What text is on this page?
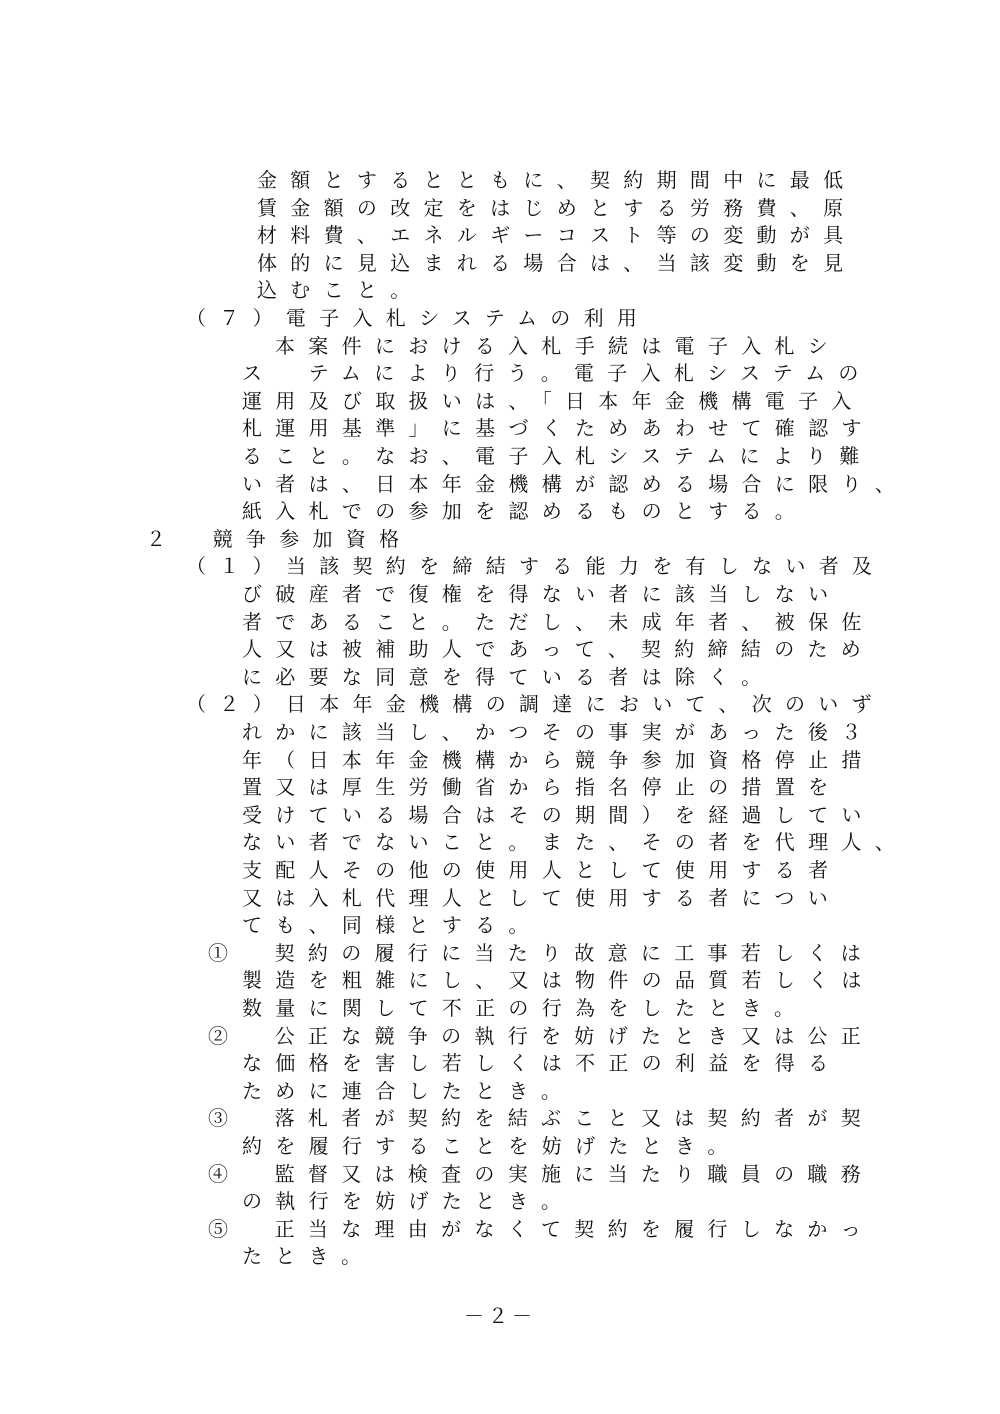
金額とするとともに、契約期間中に最低
賃金額の改定をはじめとする労務費、原
材料費、エネルギーコスト等の変動が具
体的に見込まれる場合は、当該変動を見
込むこと。
（７）電子入札システムの利用
本案件における入札手続は電子入札シ
ス　テムにより行う。電子入札システムの
運用及び取扱いは、「日本年金機構電子入
札運用基準」に基づくためあわせて確認す
ること。なお、電子入札システムにより難
い者は、日本年金機構が認める場合に限り、
紙入札での参加を認めるものとする。
２　競争参加資格
（１）当該契約を締結する能力を有しない者及
び破産者で復権を得ない者に該当しない
者であること。ただし、未成年者、被保佐
人又は被補助人であって、契約締結のため
に必要な同意を得ている者は除く。
（２）日本年金機構の調達において、次のいず
れかに該当し、かつその事実があった後３
年（日本年金機構から競争参加資格停止措
置又は厚生労働省から指名停止の措置を
受けている場合はその期間）を経過してい
ない者でないこと。また、その者を代理人、
支配人その他の使用人として使用する者
又は入札代理人として使用する者につい
ても、同様とする。
①　契約の履行に当たり故意に工事若しくは
製造を粗雑にし、又は物件の品質若しくは
数量に関して不正の行為をしたとき。
②　公正な競争の執行を妨げたとき又は公正
な価格を害し若しくは不正の利益を得る
ために連合したとき。
③　落札者が契約を結ぶこと又は契約者が契
約を履行することを妨げたとき。
④　監督又は検査の実施に当たり職員の職務
の執行を妨げたとき。
⑤　正当な理由がなくて契約を履行しなかっ
たとき。
－２－
